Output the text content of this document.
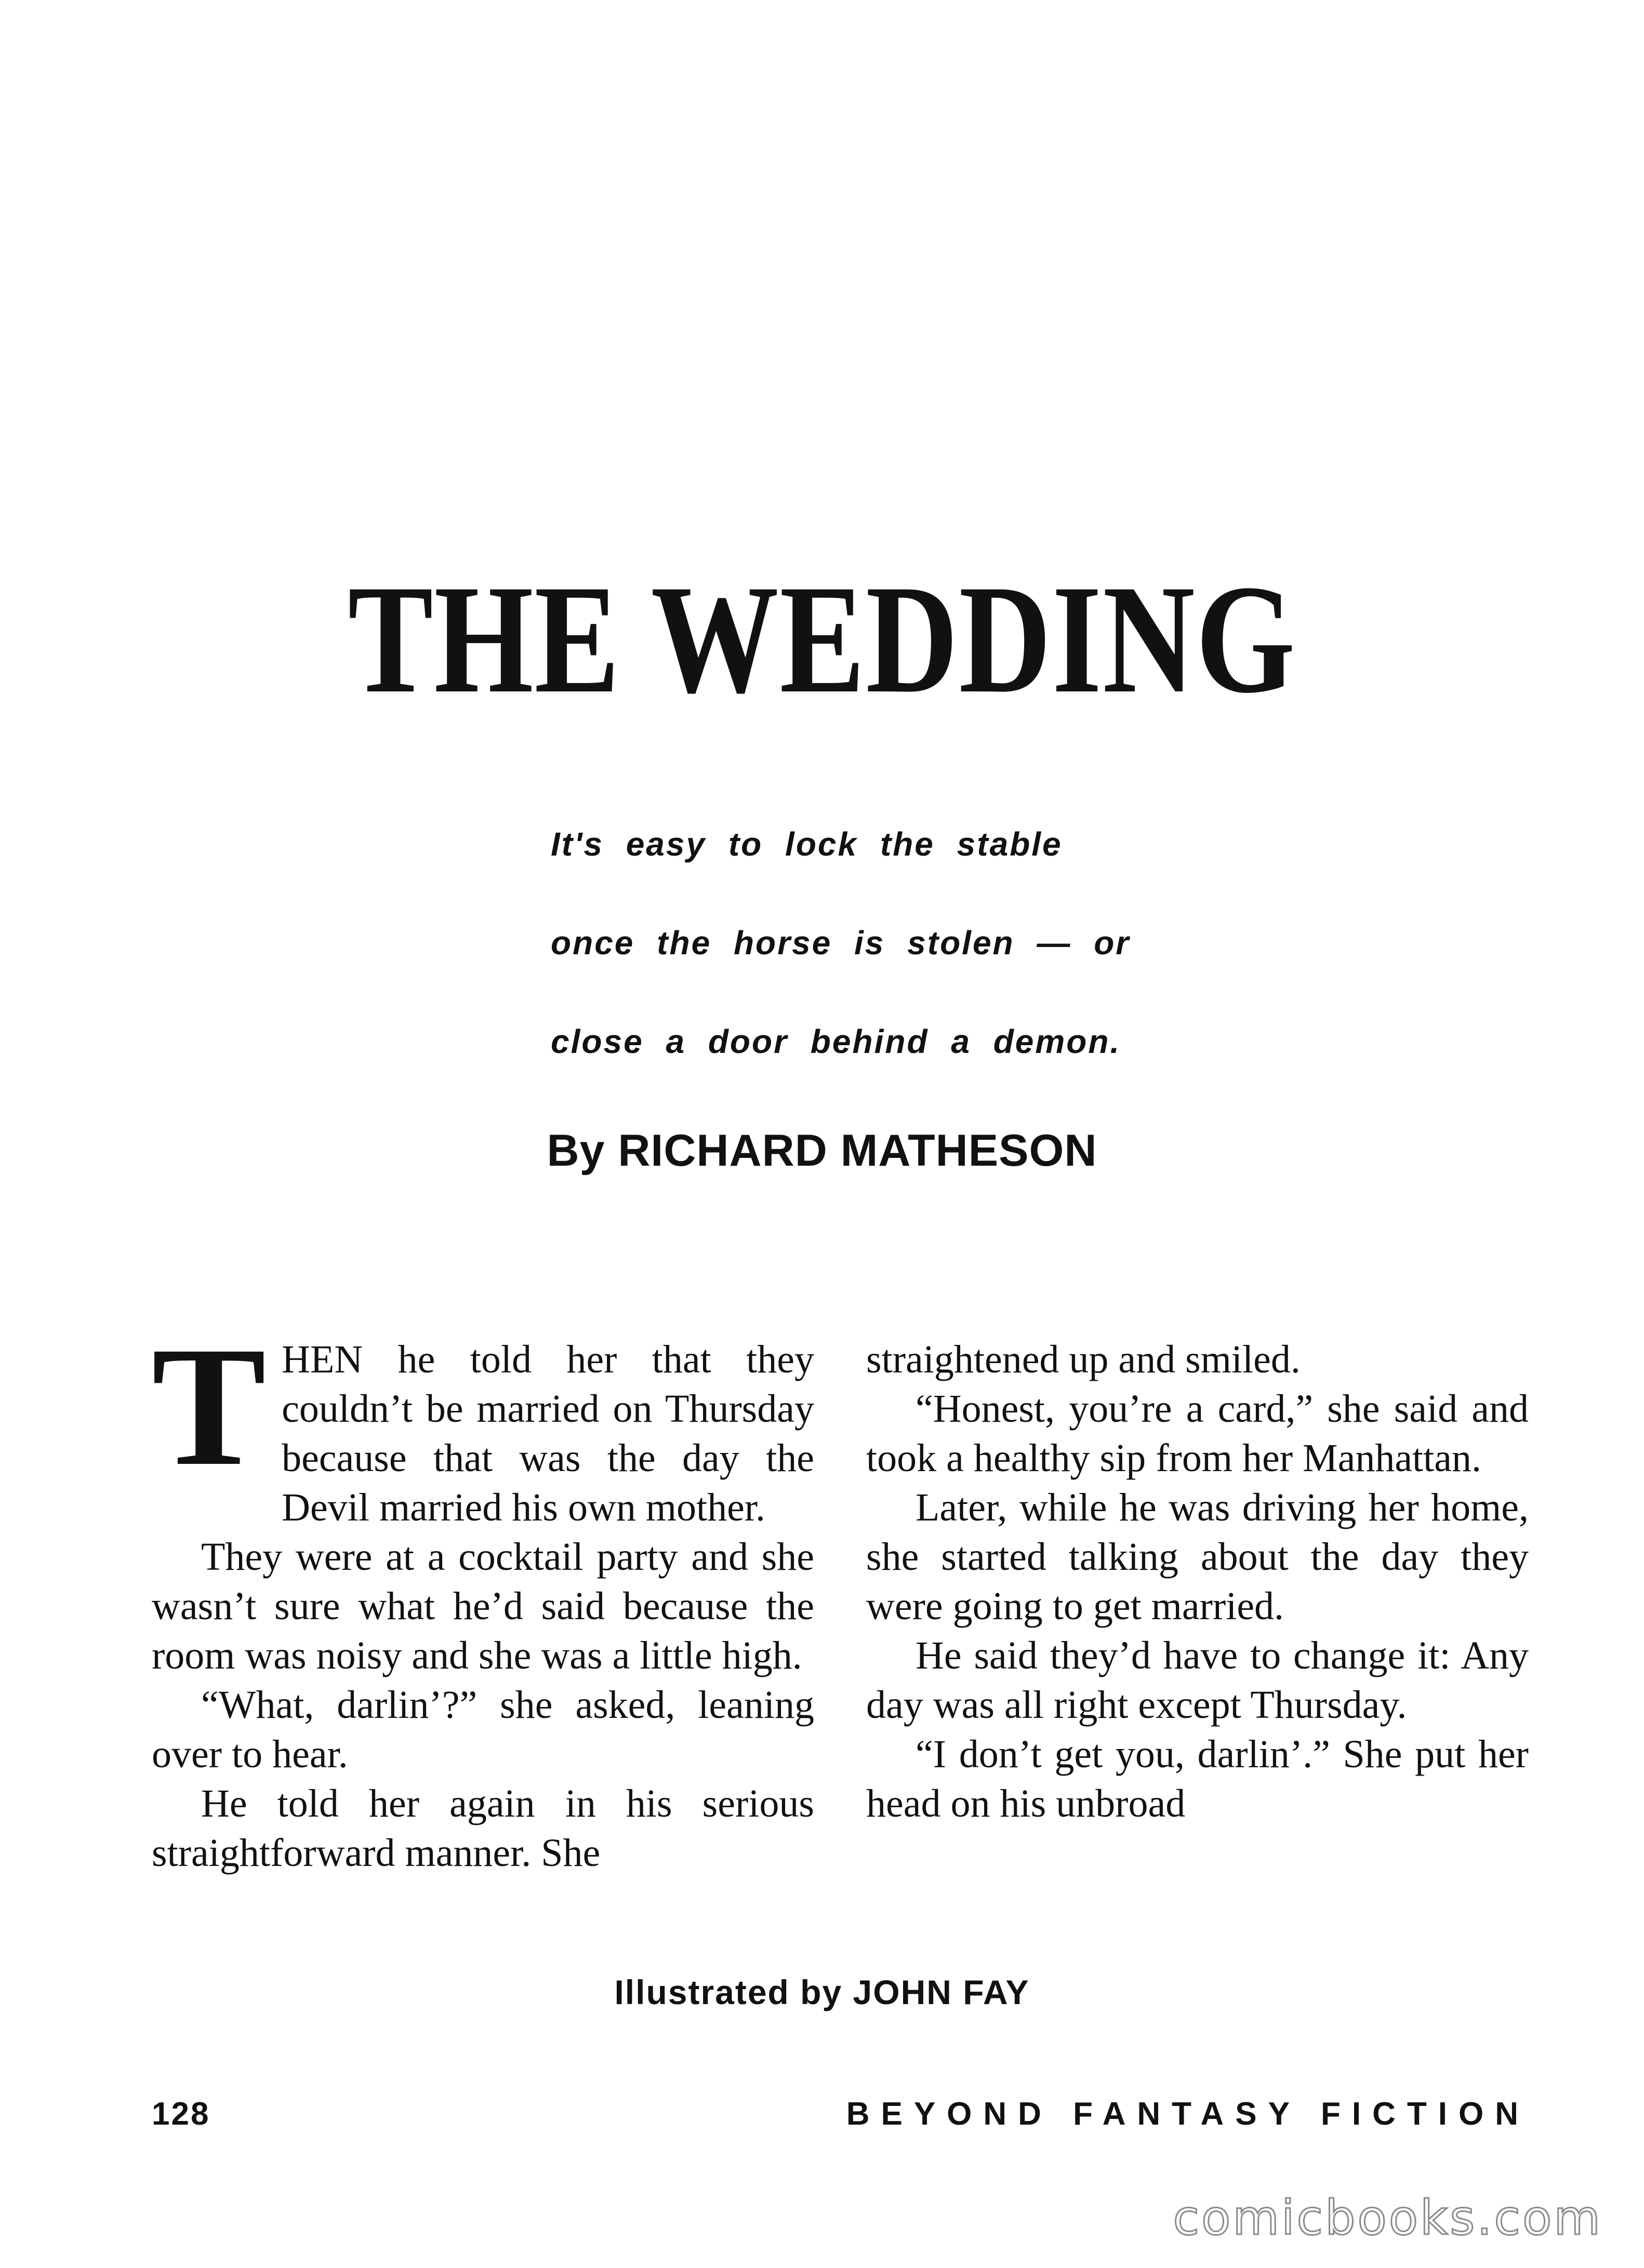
THE WEDDING
It's easy to lock the stable
once the horse is stolen — or
close a door behind a demon.
By RICHARD MATHESON

THEN he told her that they couldn’t be married on Thursday because that was the day the Devil married his own mother.

They were at a cocktail party and she wasn’t sure what he’d said because the room was noisy and she was a little high.

“What, darlin’?” she asked, leaning over to hear.

He told her again in his serious straightforward manner. She

straightened up and smiled.

“Honest, you’re a card,” she said and took a healthy sip from her Manhattan.

Later, while he was driving her home, she started talking about the day they were going to get married.

He said they’d have to change it: Any day was all right except Thursday.

“I don’t get you, darlin’.” She put her head on his unbroad

Illustrated by JOHN FAY
128	BEYOND FANTASY FICTION
comicbooks.com
